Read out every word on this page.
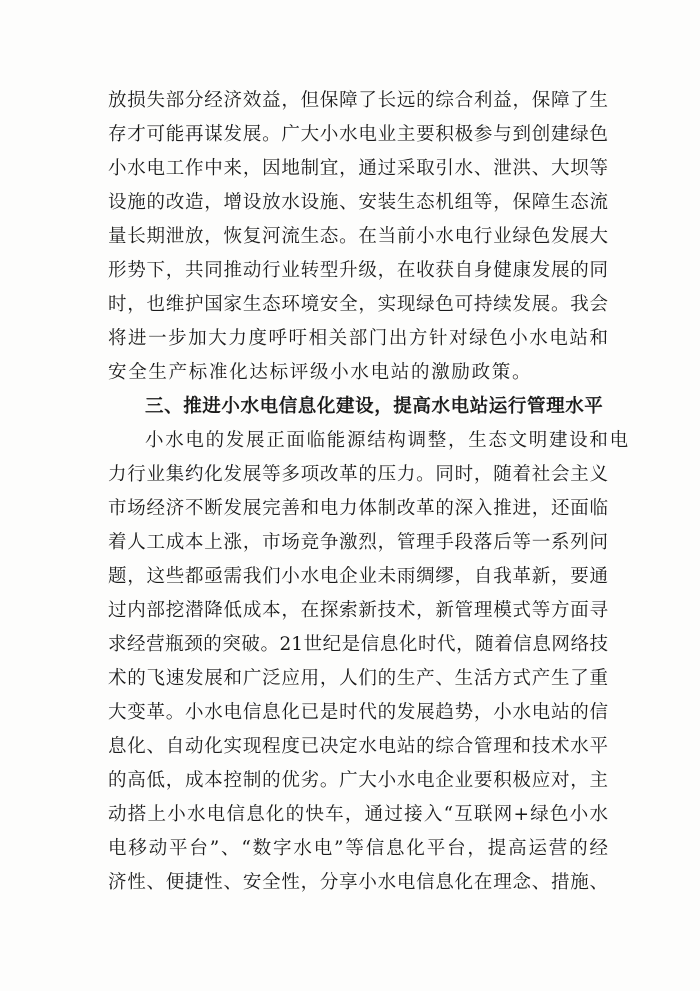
放损失部分经济效益，但保障了长远的综合利益，保障了生
存才可能再谋发展。广大小水电业主要积极参与到创建绿色
小水电工作中来，因地制宜，通过采取引水、泄洪、大坝等
设施的改造，增设放水设施、安装生态机组等，保障生态流
量长期泄放，恢复河流生态。在当前小水电行业绿色发展大
形势下，共同推动行业转型升级，在收获自身健康发展的同
时，也维护国家生态环境安全，实现绿色可持续发展。我会
将进一步加大力度呼吁相关部门出方针对绿色小水电站和
安全生产标准化达标评级小水电站的激励政策。
三、推进小水电信息化建设，提高水电站运行管理水平
小水电的发展正面临能源结构调整，生态文明建设和电
力行业集约化发展等多项改革的压力。同时，随着社会主义
市场经济不断发展完善和电力体制改革的深入推进，还面临
着人工成本上涨，市场竞争激烈，管理手段落后等一系列问
题，这些都亟需我们小水电企业未雨绸缪，自我革新，要通
过内部挖潜降低成本，在探索新技术，新管理模式等方面寻
求经营瓶颈的突破。21世纪是信息化时代，随着信息网络技
术的飞速发展和广泛应用，人们的生产、生活方式产生了重
大变革。小水电信息化已是时代的发展趋势，小水电站的信
息化、自动化实现程度已决定水电站的综合管理和技术水平
的高低，成本控制的优劣。广大小水电企业要积极应对，主
动搭上小水电信息化的快车，通过接入“互联网+绿色小水
电移动平台”、“数字水电”等信息化平台，提高运营的经
济性、便捷性、安全性，分享小水电信息化在理念、措施、
